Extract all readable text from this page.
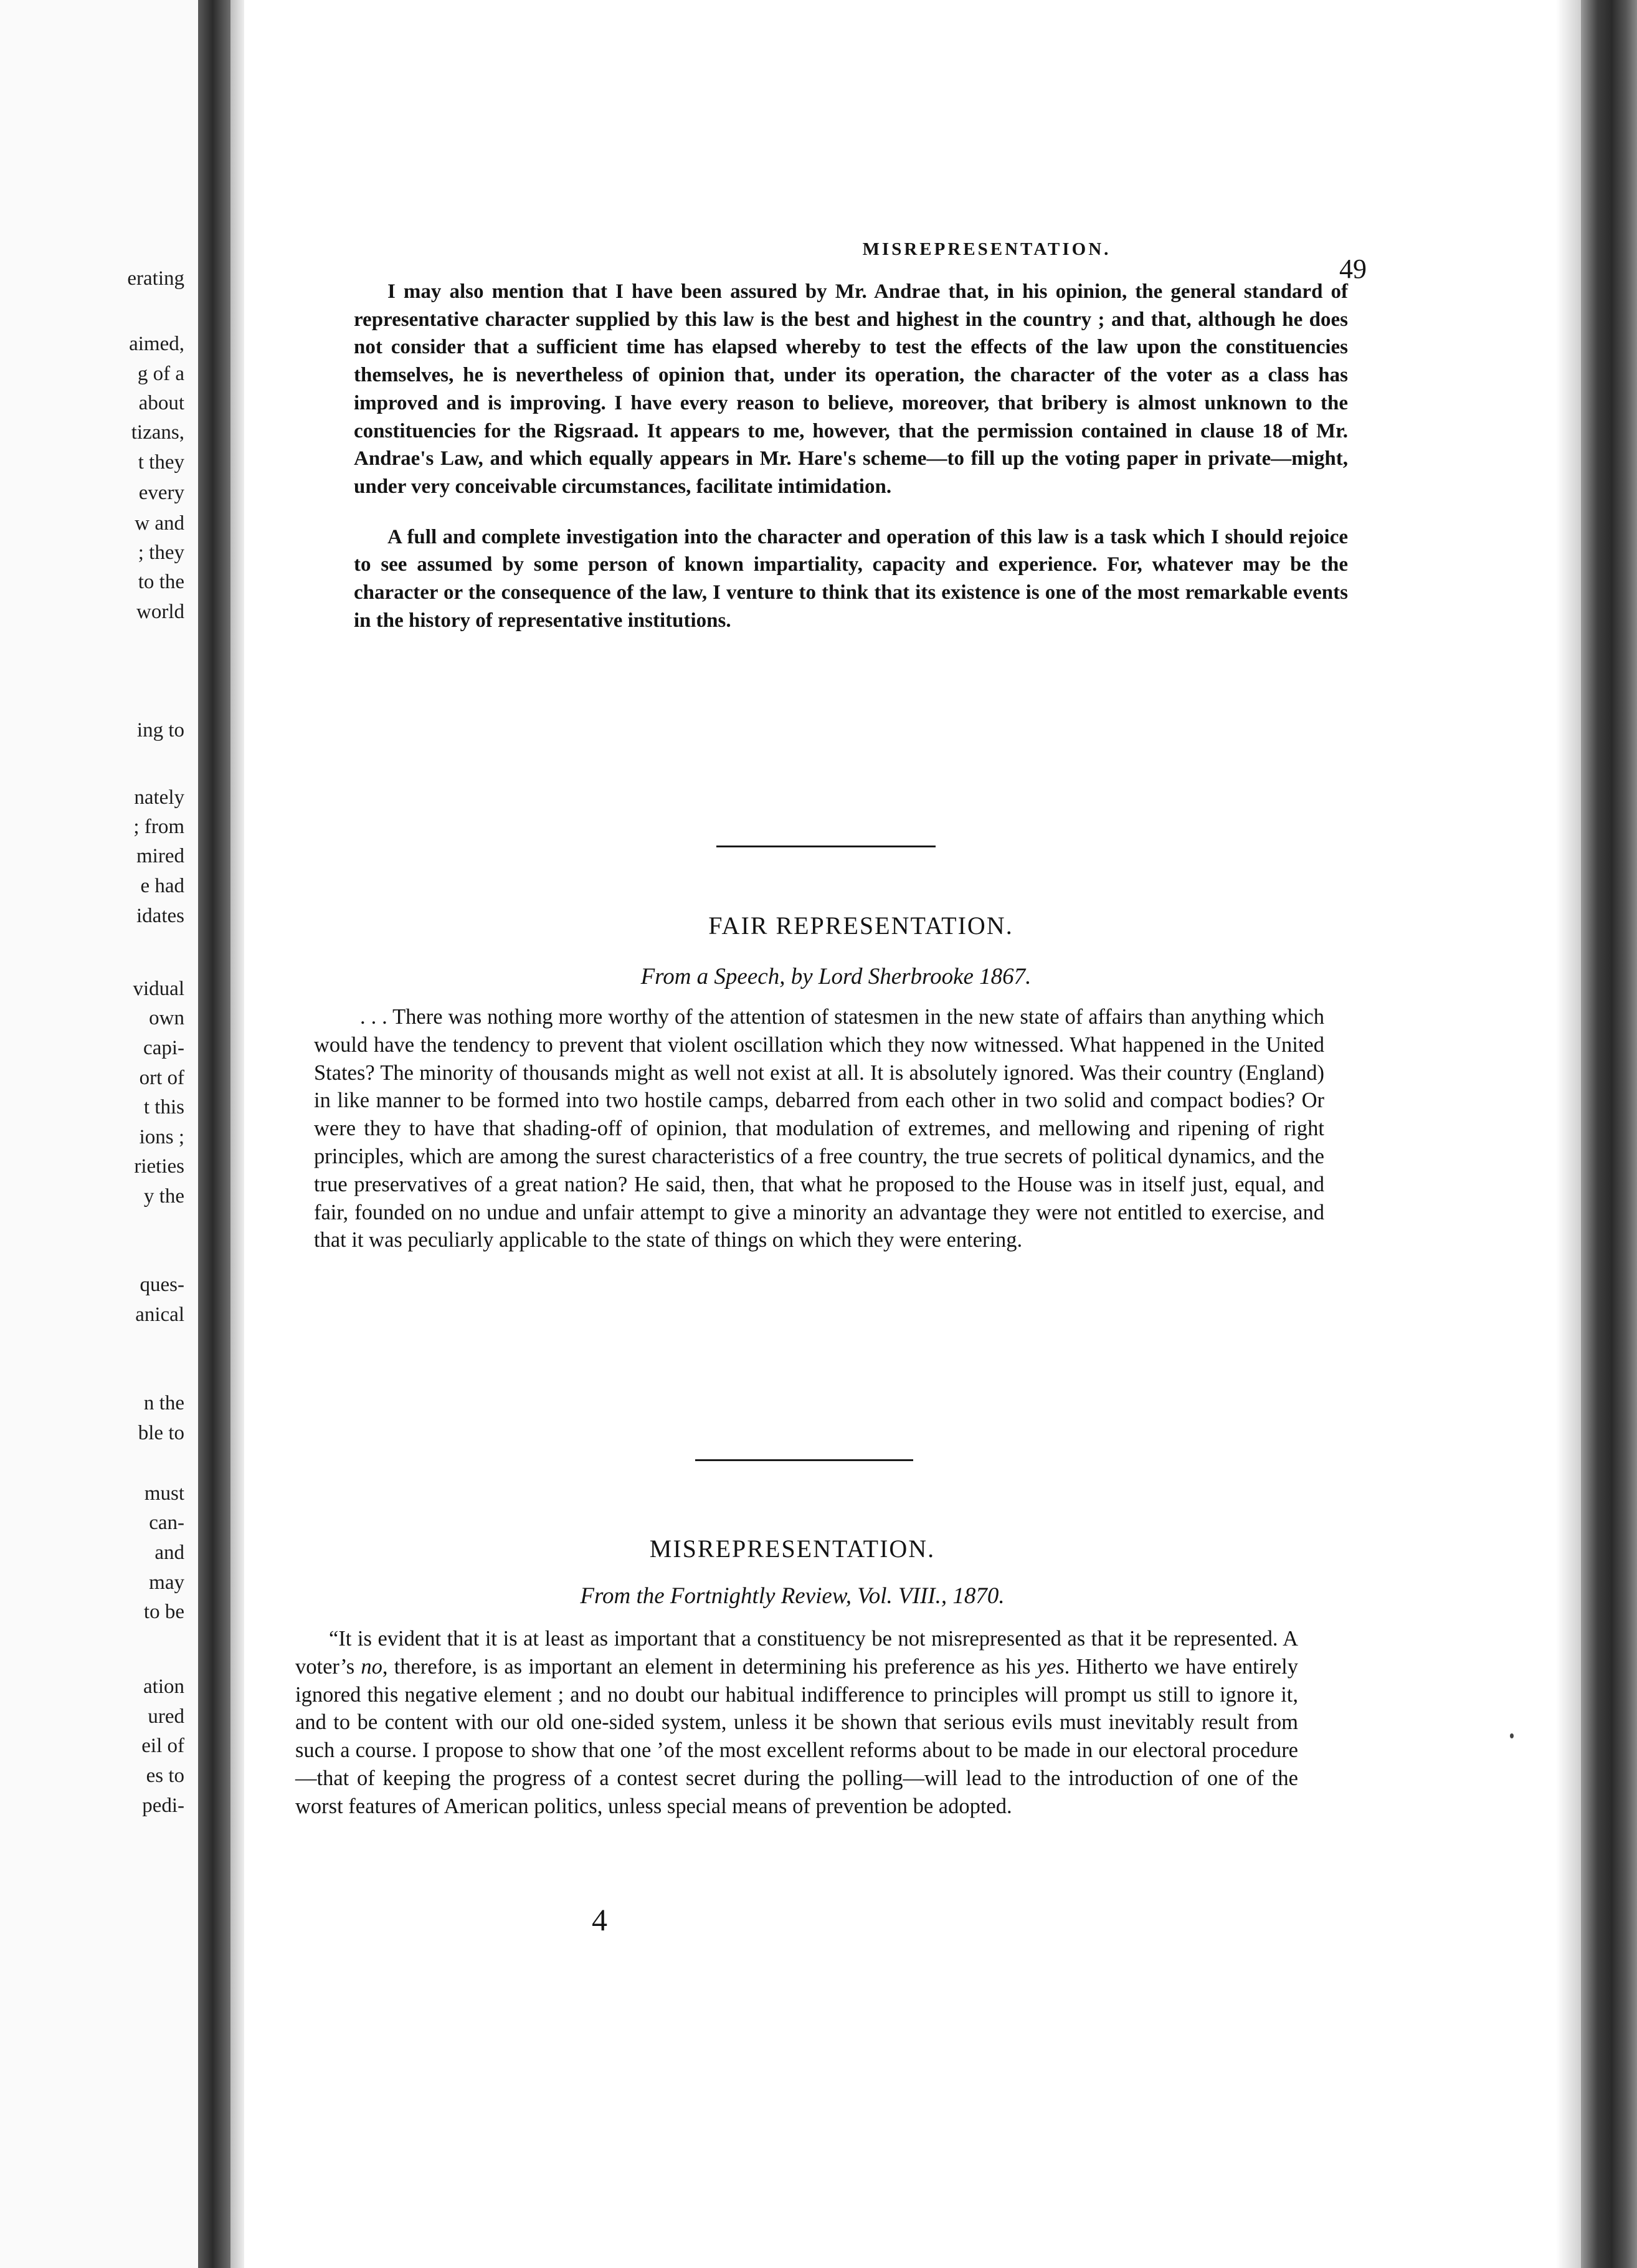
erating
aimed,
g of a
about
tizans,
t they
every
w and
; they
to the
world
ing to
nately
; from
mired
e had
idates
vidual
own
capi-
ort of
t this
ions ;
rieties
y the
ques-
anical
n the
ble to
must
can-
and
may
to be
ation
ured
eil of
es to
pedi-
MISREPRESENTATION.
49

I may also mention that I have been assured by Mr. Andrae that, in his opinion, the general standard of representative character supplied by this law is the best and highest in the country ; and that, although he does not consider that a sufficient time has elapsed whereby to test the effects of the law upon the constituencies themselves, he is nevertheless of opinion that, under its operation, the character of the voter as a class has improved and is improving. I have every reason to believe, moreover, that bribery is almost unknown to the constituencies for the Rigsraad. It appears to me, however, that the permission contained in clause 18 of Mr. Andrae's Law, and which equally appears in Mr. Hare's scheme—to fill up the voting paper in private—might, under very conceivable circumstances, facilitate intimidation.

A full and complete investigation into the character and operation of this law is a task which I should rejoice to see assumed by some person of known impartiality, capacity and experience. For, whatever may be the character or the consequence of the law, I venture to think that its existence is one of the most remarkable events in the history of representative institutions.

FAIR REPRESENTATION.
From a Speech, by Lord Sherbrooke 1867.

. . . There was nothing more worthy of the attention of statesmen in the new state of affairs than anything which would have the tendency to prevent that violent oscillation which they now witnessed. What happened in the United States? The minority of thousands might as well not exist at all. It is absolutely ignored. Was their country (England) in like manner to be formed into two hostile camps, debarred from each other in two solid and compact bodies? Or were they to have that shading-off of opinion, that modulation of extremes, and mellowing and ripening of right principles, which are among the surest characteristics of a free country, the true secrets of political dynamics, and the true preservatives of a great nation? He said, then, that what he proposed to the House was in itself just, equal, and fair, founded on no undue and unfair attempt to give a minority an advantage they were not entitled to exercise, and that it was peculiarly applicable to the state of things on which they were entering.

MISREPRESENTATION.
From the Fortnightly Review, Vol. VIII., 1870.

“It is evident that it is at least as important that a constituency be not misrepresented as that it be represented. A voter’s no, therefore, is as important an element in determining his preference as his yes. Hitherto we have entirely ignored this negative element ; and no doubt our habitual indifference to principles will prompt us still to ignore it, and to be content with our old one-sided system, unless it be shown that serious evils must inevitably result from such a course. I propose to show that one ’of the most excellent reforms about to be made in our electoral procedure—that of keeping the progress of a contest secret during the polling—will lead to the introduction of one of the worst features of American politics, unless special means of prevention be adopted.

4
